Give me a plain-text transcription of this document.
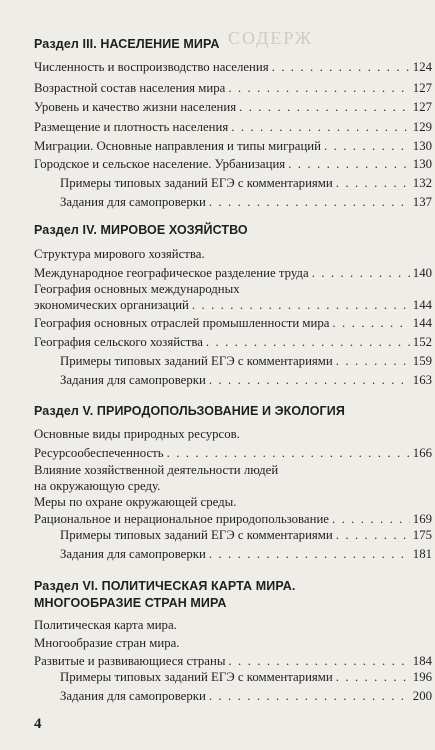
СОДЕРЖ
Раздел III. НАСЕЛЕНИЕ МИРА
Численность и воспроизводство населения . . .	124
Возрастной состав населения мира . . .	127
Уровень и качество жизни населения . . .	127
Размещение и плотность населения . . .	129
Миграции. Основные направления и типы миграций . . .	130
Городское и сельское население. Урбанизация . . .	130
Примеры типовых заданий ЕГЭ с комментариями . . .	132
Задания для самопроверки . . .	137
Раздел IV. МИРОВОЕ ХОЗЯЙСТВО
Структура мирового хозяйства.
Международное географическое разделение труда . . .	140
География основных международных
экономических организаций . . .	144
География основных отраслей промышленности мира . . .	144
География сельского хозяйства . . .	152
Примеры типовых заданий ЕГЭ с комментариями . . .	159
Задания для самопроверки . . .	163
Раздел V. ПРИРОДОПОЛЬЗОВАНИЕ И ЭКОЛОГИЯ
Основные виды природных ресурсов.
Ресурсообеспеченность . . .	166
Влияние хозяйственной деятельности людей
на окружающую среду.
Меры по охране окружающей среды.
Рациональное и нерациональное природопользование . . .	169
Примеры типовых заданий ЕГЭ с комментариями . . .	175
Задания для самопроверки . . .	181
Раздел VI. ПОЛИТИЧЕСКАЯ КАРТА МИРА.
МНОГООБРАЗИЕ СТРАН МИРА
Политическая карта мира.
Многообразие стран мира.
Развитые и развивающиеся страны . . .	184
Примеры типовых заданий ЕГЭ с комментариями . . .	196
Задания для самопроверки . . .	200
4
